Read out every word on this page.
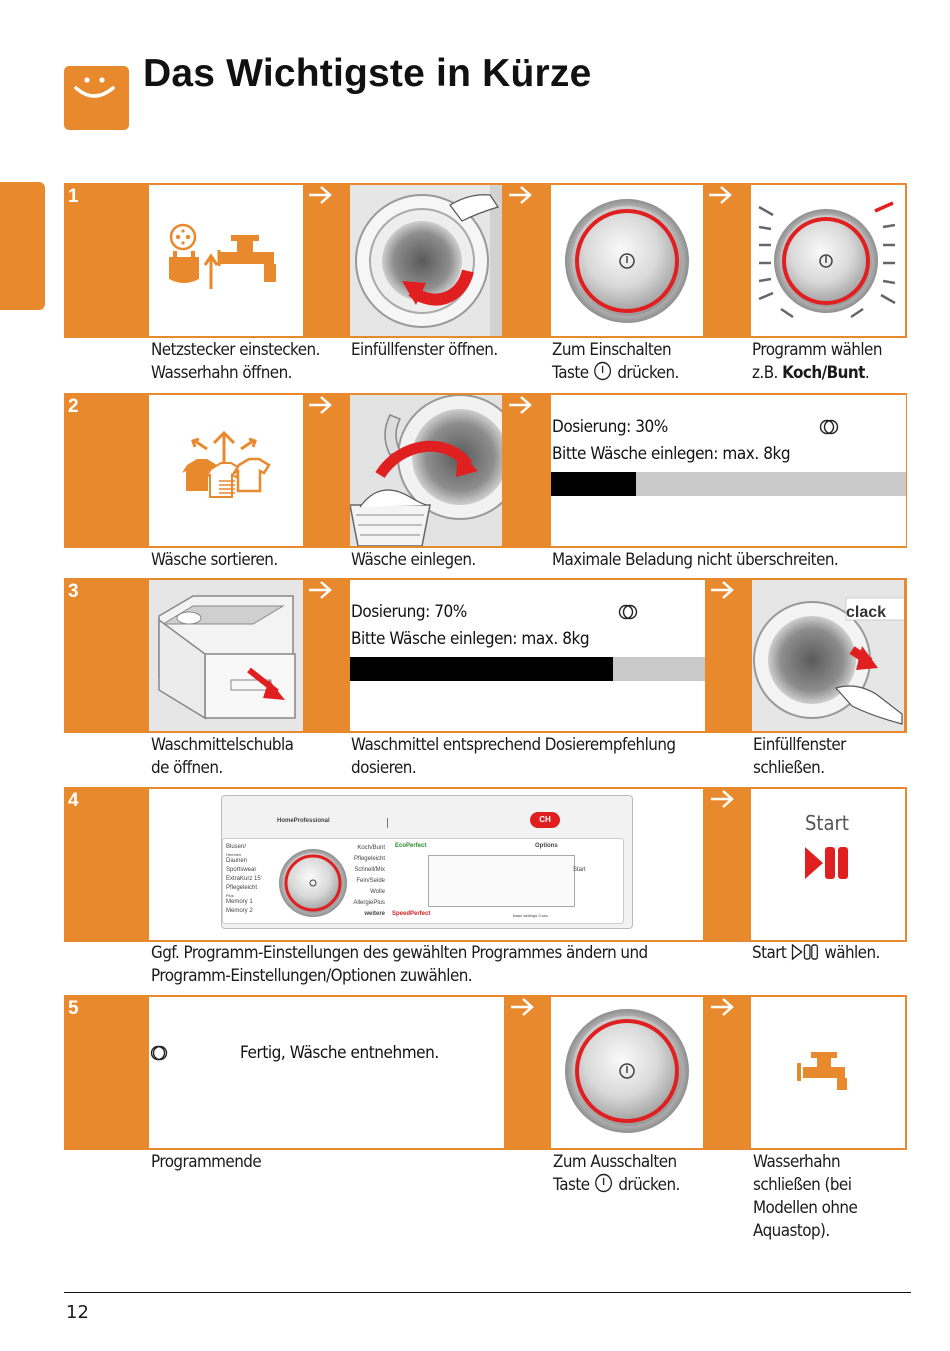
Das Wichtigste in Kürze
1
Netzstecker einstecken.
Wasserhahn öffnen.
Einfüllfenster öffnen.	Zum Einschalten
Taste drücken.
Programm wählen
z.B. Koch/Bunt.
2
Dosierung: 30%
Bitte Wäsche einlegen: max. 8kg
Wäsche sortieren.	Wäsche einlegen.	Maximale Beladung nicht überschreiten.
3
Dosierung: 70%
Bitte Wäsche einlegen: max. 8kg
clack
Waschmittelschubla
de öffnen.
Waschmittel entsprechend Dosierempfehlung
dosieren.
Einfüllfenster
schließen.
4
HomeProfessional	CH
Blusen/
Hemden
Daunen
Sportswear
ExtraKurz 15'
Pflegeleicht
Plus
Memory 1
Memory 2
Koch/Bunt
Pflegeleicht
Schnell/Mix
Fein/Seide
Wolle
AllergiePlus
weitere
EcoPerfect
SpeedPerfect
Options
Start
basic settings 3 sec.
Start
Ggf. Programm-Einstellungen des gewählten Programmes ändern und
Programm-Einstellungen/Optionen zuwählen.
Start wählen.
5
Fertig, Wäsche entnehmen.
Programmende	Zum Ausschalten
Taste drücken.
Wasserhahn
schließen (bei
Modellen ohne
Aquastop).
12
